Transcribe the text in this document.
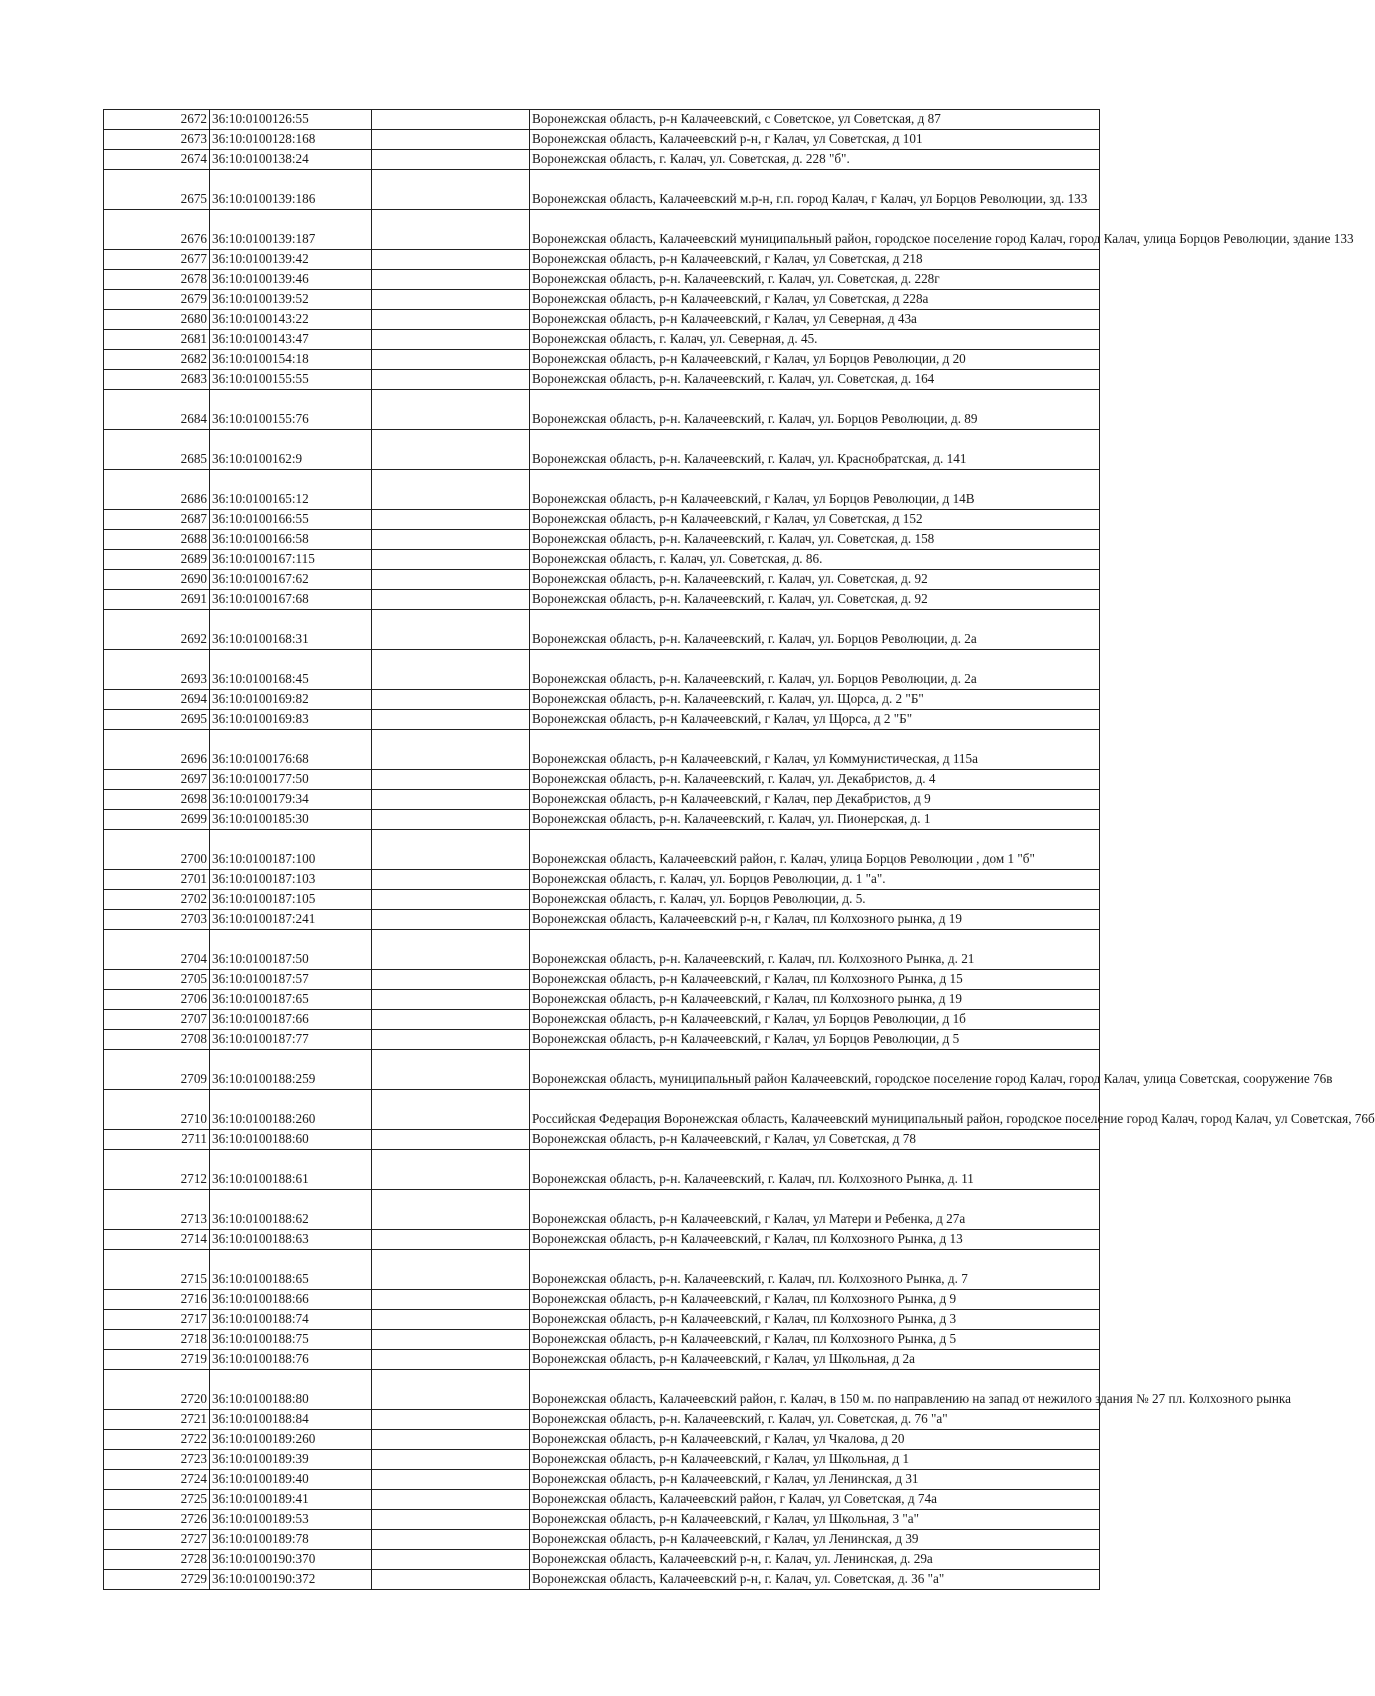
2672	36:10:0100126:55		Воронежская область, р-н Калачеевский, с Советское, ул Советская, д 87
2673	36:10:0100128:168		Воронежская область, Калачеевский р-н, г Калач, ул Советская, д 101
2674	36:10:0100138:24		Воронежская область, г. Калач, ул. Советская, д. 228 "б".
2675	36:10:0100139:186		Воронежская область, Калачеевский м.р-н, г.п. город Калач, г Калач, ул Борцов Революции, зд. 133
2676	36:10:0100139:187		Воронежская область, Калачеевский муниципальный район, городское поселение город Калач, город Калач, улица Борцов Революции, здание 133
2677	36:10:0100139:42		Воронежская область, р-н Калачеевский, г Калач, ул Советская, д 218
2678	36:10:0100139:46		Воронежская область, р-н. Калачеевский, г. Калач, ул. Советская, д. 228г
2679	36:10:0100139:52		Воронежская область, р-н Калачеевский, г Калач, ул Советская, д 228а
2680	36:10:0100143:22		Воронежская область, р-н Калачеевский, г Калач, ул Северная, д 43а
2681	36:10:0100143:47		Воронежская область, г. Калач, ул. Северная, д. 45.
2682	36:10:0100154:18		Воронежская область, р-н Калачеевский, г Калач, ул Борцов Революции, д 20
2683	36:10:0100155:55		Воронежская область, р-н. Калачеевский, г. Калач, ул. Советская, д. 164
2684	36:10:0100155:76		Воронежская область, р-н. Калачеевский, г. Калач, ул. Борцов Революции, д. 89
2685	36:10:0100162:9		Воронежская область, р-н. Калачеевский, г. Калач, ул. Краснобратская, д. 141
2686	36:10:0100165:12		Воронежская область, р-н Калачеевский, г Калач, ул Борцов Революции, д 14В
2687	36:10:0100166:55		Воронежская область, р-н Калачеевский, г Калач, ул Советская, д 152
2688	36:10:0100166:58		Воронежская область, р-н. Калачеевский, г. Калач, ул. Советская, д. 158
2689	36:10:0100167:115		Воронежская область, г. Калач, ул. Советская, д. 86.
2690	36:10:0100167:62		Воронежская область, р-н. Калачеевский, г. Калач, ул. Советская, д. 92
2691	36:10:0100167:68		Воронежская область, р-н. Калачеевский, г. Калач, ул. Советская, д. 92
2692	36:10:0100168:31		Воронежская область, р-н. Калачеевский, г. Калач, ул. Борцов Революции, д. 2а
2693	36:10:0100168:45		Воронежская область, р-н. Калачеевский, г. Калач, ул. Борцов Революции, д. 2а
2694	36:10:0100169:82		Воронежская область, р-н. Калачеевский, г. Калач, ул. Щорса, д. 2 "Б"
2695	36:10:0100169:83		Воронежская область, р-н Калачеевский, г Калач, ул Щорса, д 2 "Б"
2696	36:10:0100176:68		Воронежская область, р-н Калачеевский, г Калач, ул Коммунистическая, д 115а
2697	36:10:0100177:50		Воронежская область, р-н. Калачеевский, г. Калач, ул. Декабристов, д. 4
2698	36:10:0100179:34		Воронежская область, р-н Калачеевский, г Калач, пер Декабристов, д 9
2699	36:10:0100185:30		Воронежская область, р-н. Калачеевский, г. Калач, ул. Пионерская, д. 1
2700	36:10:0100187:100		Воронежская область, Калачеевский район, г. Калач, улица Борцов Революции , дом 1 "б"
2701	36:10:0100187:103		Воронежская область, г. Калач, ул. Борцов Революции, д. 1 "а".
2702	36:10:0100187:105		Воронежская область, г. Калач, ул. Борцов Революции, д. 5.
2703	36:10:0100187:241		Воронежская область, Калачеевский р-н, г Калач, пл Колхозного рынка, д 19
2704	36:10:0100187:50		Воронежская область, р-н. Калачеевский, г. Калач, пл. Колхозного Рынка, д. 21
2705	36:10:0100187:57		Воронежская область, р-н Калачеевский, г Калач, пл Колхозного Рынка, д 15
2706	36:10:0100187:65		Воронежская область, р-н Калачеевский, г Калач, пл Колхозного рынка, д 19
2707	36:10:0100187:66		Воронежская область, р-н Калачеевский, г Калач, ул Борцов Революции, д 1б
2708	36:10:0100187:77		Воронежская область, р-н Калачеевский, г Калач, ул Борцов Революции, д 5
2709	36:10:0100188:259		Воронежская область, муниципальный район Калачеевский, городское поселение город Калач, город Калач, улица Советская, сооружение 76в
2710	36:10:0100188:260		Российская Федерация Воронежская область, Калачеевский муниципальный район, городское поселение город Калач, город Калач, ул Советская, 76б
2711	36:10:0100188:60		Воронежская область, р-н Калачеевский, г Калач, ул Советская, д 78
2712	36:10:0100188:61		Воронежская область, р-н. Калачеевский, г. Калач, пл. Колхозного Рынка, д. 11
2713	36:10:0100188:62		Воронежская область, р-н Калачеевский, г Калач, ул Матери и Ребенка, д 27а
2714	36:10:0100188:63		Воронежская область, р-н Калачеевский, г Калач, пл Колхозного Рынка, д 13
2715	36:10:0100188:65		Воронежская область, р-н. Калачеевский, г. Калач, пл. Колхозного Рынка, д. 7
2716	36:10:0100188:66		Воронежская область, р-н Калачеевский, г Калач, пл Колхозного Рынка, д 9
2717	36:10:0100188:74		Воронежская область, р-н Калачеевский, г Калач, пл Колхозного Рынка, д 3
2718	36:10:0100188:75		Воронежская область, р-н Калачеевский, г Калач, пл Колхозного Рынка, д 5
2719	36:10:0100188:76		Воронежская область, р-н Калачеевский, г Калач, ул Школьная, д 2а
2720	36:10:0100188:80		Воронежская область, Калачеевский район, г. Калач, в 150 м. по направлению на запад от нежилого здания № 27 пл. Колхозного рынка
2721	36:10:0100188:84		Воронежская область, р-н. Калачеевский, г. Калач, ул. Советская, д. 76 "а"
2722	36:10:0100189:260		Воронежская область, р-н Калачеевский, г Калач, ул Чкалова, д 20
2723	36:10:0100189:39		Воронежская область, р-н Калачеевский, г Калач, ул Школьная, д 1
2724	36:10:0100189:40		Воронежская область, р-н Калачеевский, г Калач, ул Ленинская, д 31
2725	36:10:0100189:41		Воронежская область, Калачеевский район, г Калач, ул Советская, д 74а
2726	36:10:0100189:53		Воронежская область, р-н Калачеевский, г Калач, ул Школьная, 3 "а"
2727	36:10:0100189:78		Воронежская область, р-н Калачеевский, г Калач, ул Ленинская, д 39
2728	36:10:0100190:370		Воронежская область, Калачеевский р-н, г. Калач, ул. Ленинская, д. 29а
2729	36:10:0100190:372		Воронежская область, Калачеевский р-н, г. Калач, ул. Советская, д. 36 "а"
